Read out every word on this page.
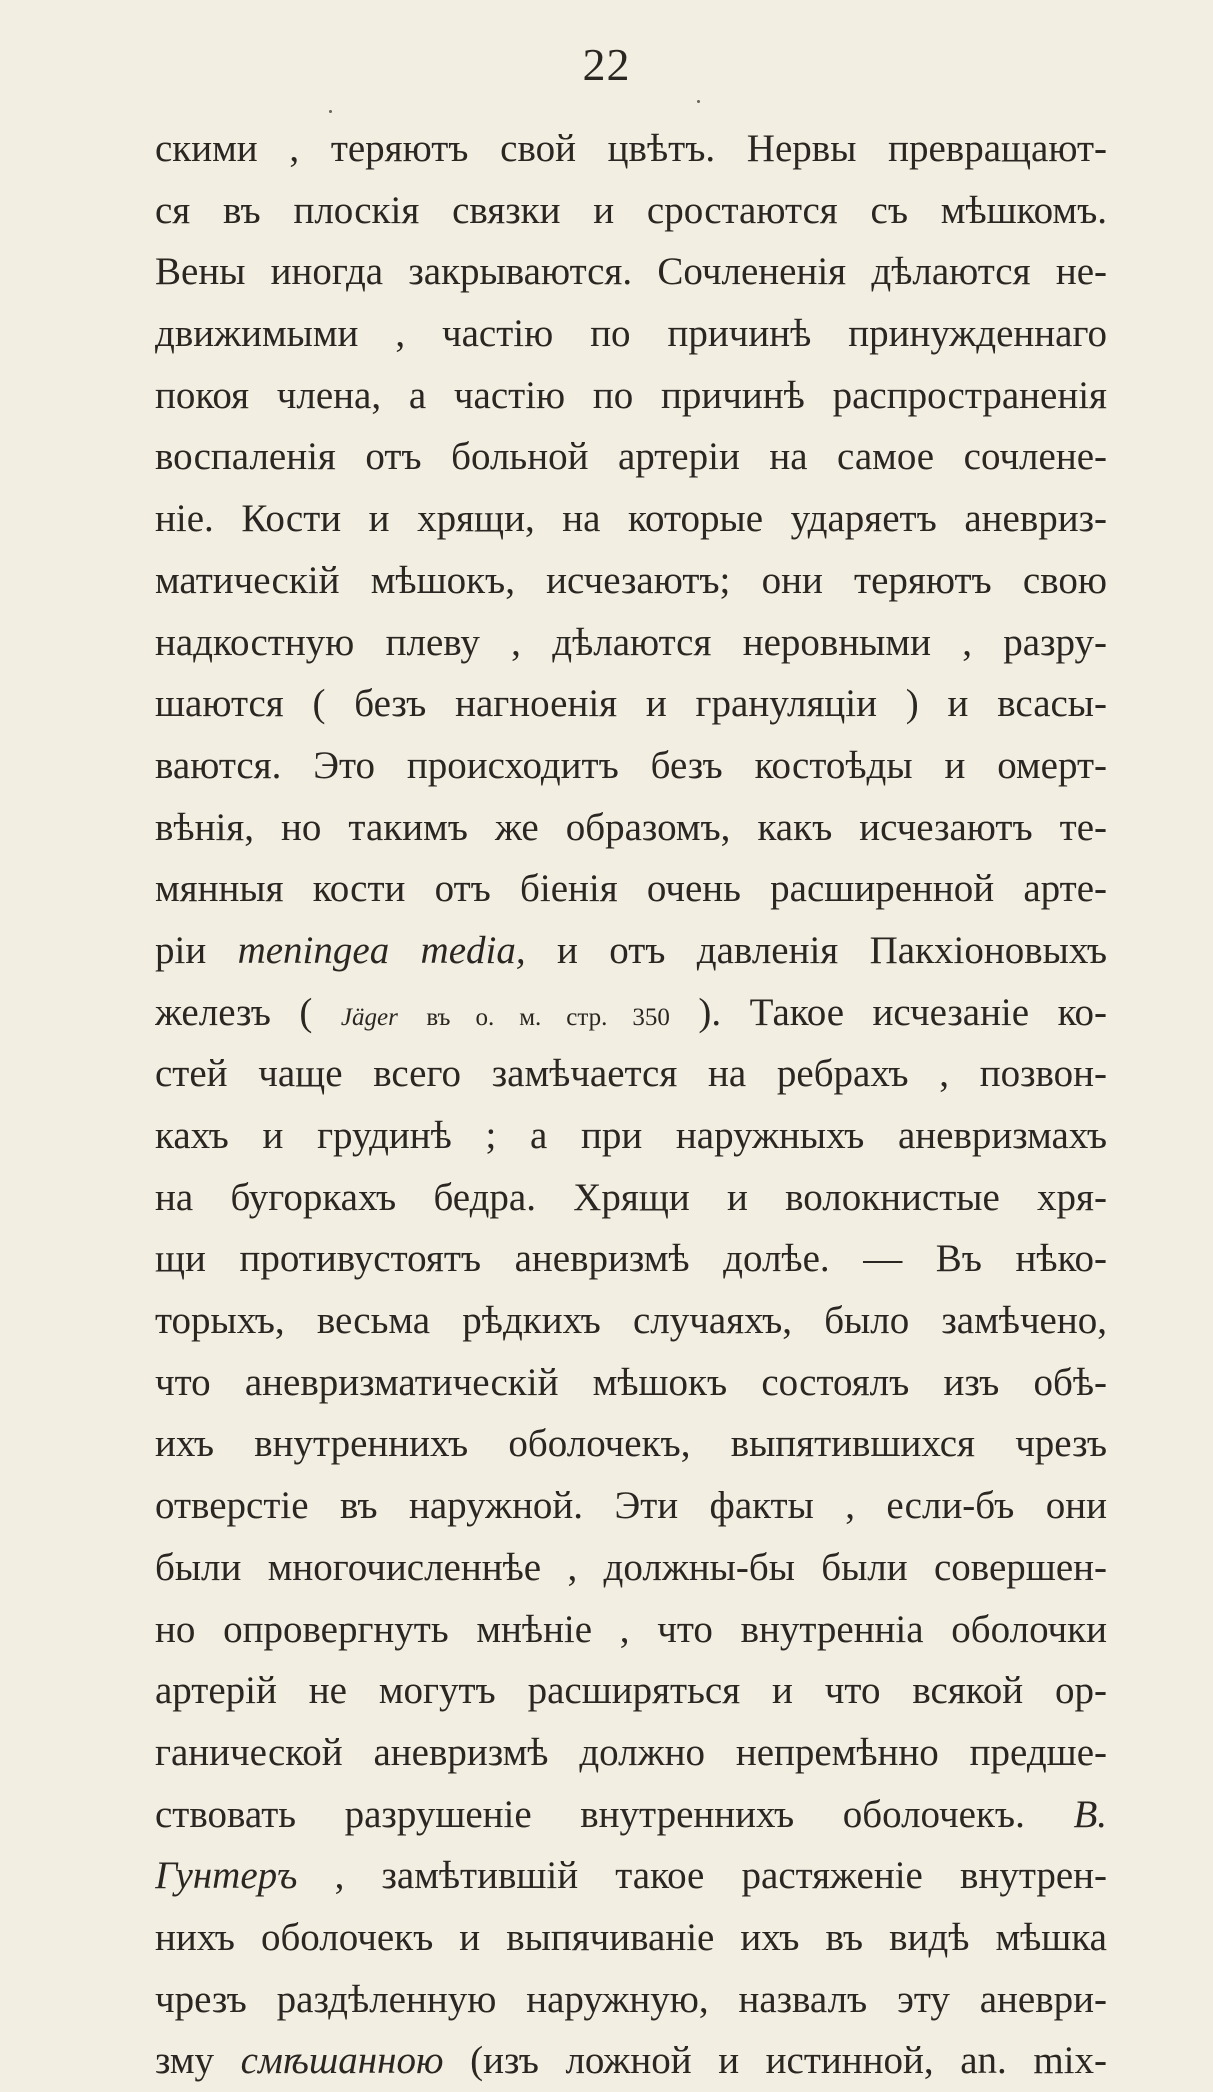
22
скими , теряютъ свой цвѣтъ. Нервы превращают-
ся въ плоскія связки и сростаются съ мѣшкомъ.
Вены иногда закрываются. Сочлененія дѣлаются не-
движимыми , частію по причинѣ принужденнаго
покоя члена, а частію по причинѣ распространенія
воспаленія отъ больной артеріи на самое сочлене-
ніе. Кости и хрящи, на которые ударяетъ аневриз-
матическій мѣшокъ, исчезаютъ; они теряютъ свою
надкостную плеву , дѣлаются неровными , разру-
шаются ( безъ нагноенія и грануляціи ) и всасы-
ваются. Это происходитъ безъ костоѣды и омерт-
вѣнія, но такимъ же образомъ, какъ исчезаютъ те-
мянныя кости отъ біенія очень расширенной арте-
ріи meningea media, и отъ давленія Пакхіоновыхъ
железъ ( Jäger въ о. м. стр. 350 ). Такое исчезаніе ко-
стей чаще всего замѣчается на ребрахъ , позвон-
кахъ и грудинѣ ; а при наружныхъ аневризмахъ
на бугоркахъ бедра. Хрящи и волокнистые хря-
щи противустоятъ аневризмѣ долѣе. — Въ нѣко-
торыхъ, весьма рѣдкихъ случаяхъ, было замѣчено,
что аневризматическій мѣшокъ состоялъ изъ обѣ-
ихъ внутреннихъ оболочекъ, выпятившихся чрезъ
отверстіе въ наружной. Эти факты , если-бъ они
были многочисленнѣе , должны-бы были совершен-
но опровергнуть мнѣніе , что внутренніа оболочки
артерій не могутъ расширяться и что всякой ор-
ганической аневризмѣ должно непремѣнно предше-
ствовать разрушеніе внутреннихъ оболочекъ. В.
Гунтеръ , замѣтившій такое растяженіе внутрен-
нихъ оболочекъ и выпячиваніе ихъ въ видѣ мѣшка
чрезъ раздѣленную наружную, назвалъ эту аневри-
зму смѣшанною (изъ ложной и истинной, an. mix-
